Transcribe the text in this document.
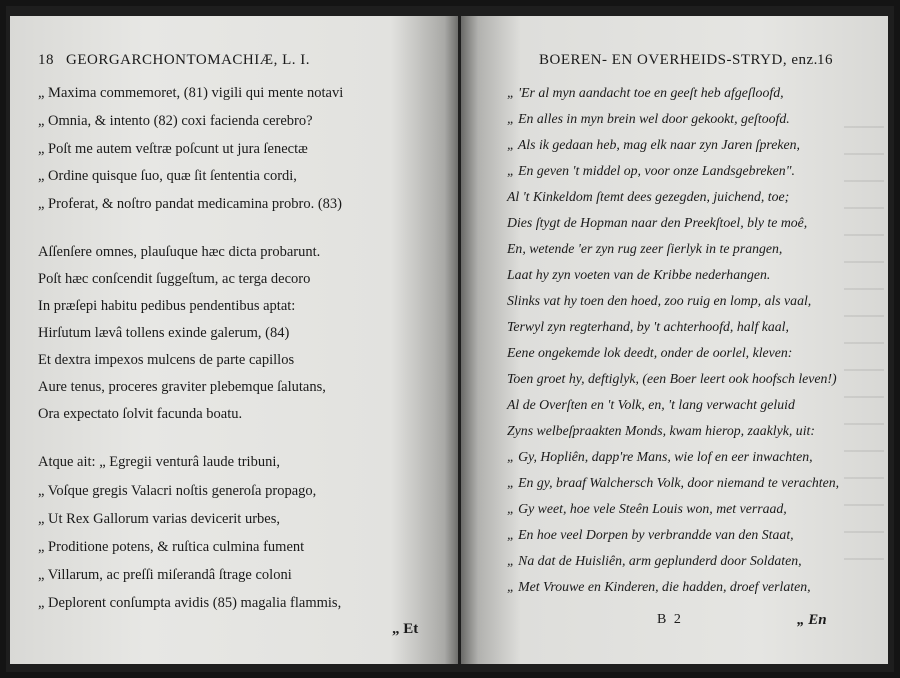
18 GEORGARCHONTOMACHIÆ, L. I.
„ Maxima commemoret, (81) vigili qui mente notavi
„ Omnia, & intento (82) coxi facienda cerebro?
„ Poſt me autem veſtræ poſcunt ut jura ſenectæ
„ Ordine quisque ſuo, quæ ſit ſententia cordi,
„ Proferat, & noſtro pandat medicamina probro. (83)
Aſſenſere omnes, plauſuque hæc dicta probarunt.
Poſt hæc conſcendit ſuggeſtum, ac terga decoro
In præſepi habitu pedibus pendentibus aptat:
Hirſutum lævâ tollens exinde galerum, (84)
Et dextra impexos mulcens de parte capillos
Aure tenus, proceres graviter plebemque ſalutans,
Ora expectato ſolvit facunda boatu.
Atque ait: „ Egregii venturâ laude tribuni,
„ Voſque gregis Valacri noſtis generoſa propago,
„ Ut Rex Gallorum varias devicerit urbes,
„ Proditione potens, & ruſtica culmina fument
„ Villarum, ac preſſi miſerandâ ſtrage coloni
„ Deplorent conſumpta avidis (85) magalia flammis,
„ Et
BOEREN- EN OVERHEIDS-STRYD, enz. 16
„ 'Er al myn aandacht toe en geeſt heb afgeſloofd,
„ En alles in myn brein wel door gekookt, geſtoofd.
„ Als ik gedaan heb, mag elk naar zyn Jaren ſpreken,
„ En geven 't middel op, voor onze Landsgebreken".
Al 't Kinkeldom ſtemt dees gezegden, juichend, toe;
Dies ſtygt de Hopman naar den Preekſtoel, bly te moê,
En, wetende 'er zyn rug zeer ſierlyk in te prangen,
Laat hy zyn voeten van de Kribbe nederhangen.
Slinks vat hy toen den hoed, zoo ruig en lomp, als vaal,
Terwyl zyn regterhand, by 't achterhoofd, half kaal,
Eene ongekemde lok deedt, onder de oorlel, kleven:
Toen groet hy, deftiglyk, (een Boer leert ook hoofsch leven!)
Al de Overſten en 't Volk, en, 't lang verwacht geluid
Zyns welbeſpraakten Monds, kwam hierop, zaaklyk, uit:
„ Gy, Hopliên, dapp're Mans, wie lof en eer inwachten,
„ En gy, braaf Walchersch Volk, door niemand te verachten,
„ Gy weet, hoe vele Steên Louis won, met verraad,
„ En hoe veel Dorpen by verbrandde van den Staat,
„ Na dat de Huisliên, arm geplunderd door Soldaten,
„ Met Vrouwe en Kinderen, die hadden, droef verlaten,
B 2	„ En
